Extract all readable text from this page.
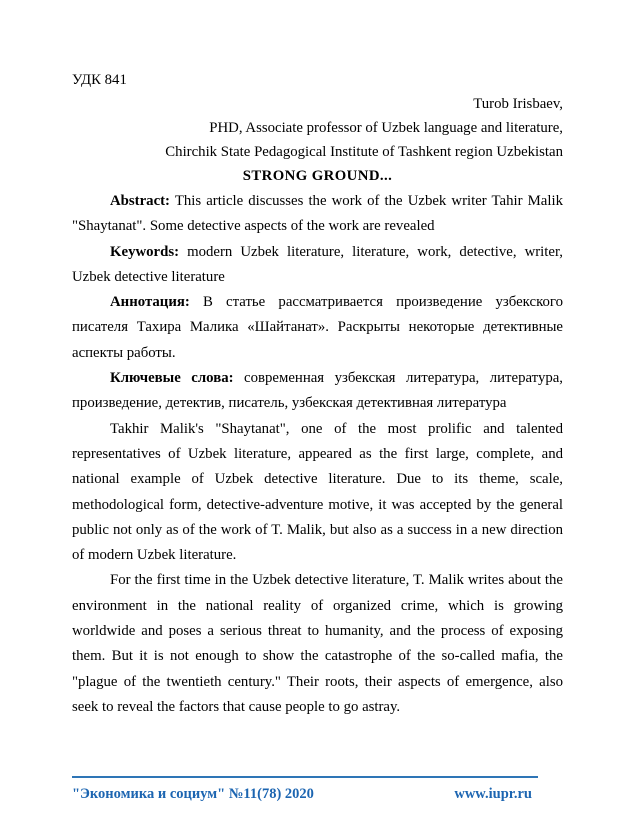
УДК 841

Turob Irisbaev,

PHD, Associate professor of Uzbek language and literature,

Chirchik State Pedagogical Institute of Tashkent region Uzbekistan

STRONG GROUND...

Abstract: This article discusses the work of the Uzbek writer Tahir Malik "Shaytanat". Some detective aspects of the work are revealed

Keywords: modern Uzbek literature, literature, work, detective, writer, Uzbek detective literature

Аннотация: В статье рассматривается произведение узбекского писателя Тахира Малика «Шайтанат». Раскрыты некоторые детективные аспекты работы.

Ключевые слова: современная узбекская литература, литература, произведение, детектив, писатель, узбекская детективная литература

Takhir Malik's "Shaytanat", one of the most prolific and talented representatives of Uzbek literature, appeared as the first large, complete, and national example of Uzbek detective literature. Due to its theme, scale, methodological form, detective-adventure motive, it was accepted by the general public not only as of the work of T. Malik, but also as a success in a new direction of modern Uzbek literature.

For the first time in the Uzbek detective literature, T. Malik writes about the environment in the national reality of organized crime, which is growing worldwide and poses a serious threat to humanity, and the process of exposing them. But it is not enough to show the catastrophe of the so-called mafia, the "plague of the twentieth century." Their roots, their aspects of emergence, also seek to reveal the factors that cause people to go astray.

"Экономика и социум" №11(78) 2020	www.iupr.ru
